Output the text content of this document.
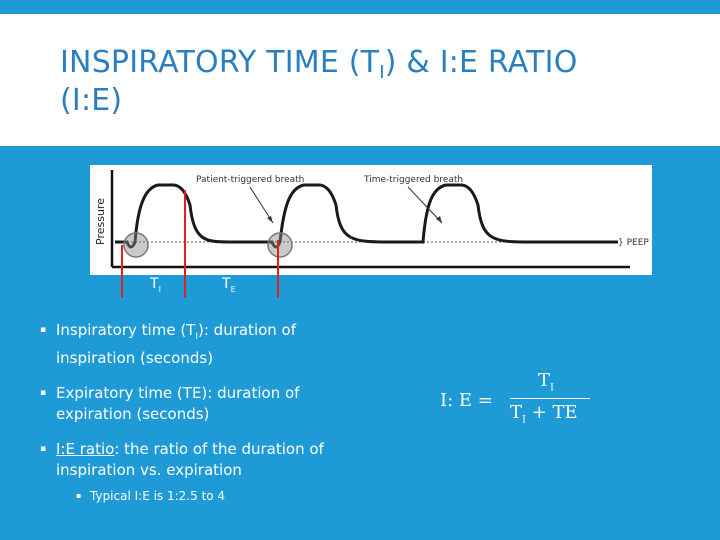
INSPIRATORY TIME $(T_I)$ & I:E RATIO
(I:E)
Pressure	} PEEP
Patient-triggered breath	Time-triggered breath
$T_I$	$T_E$
▪ Inspiratory time $(T_I)$: duration of inspiration (seconds)
▪ Expiratory time (TE): duration of expiration (seconds)
▪ I:E ratio: the ratio of the duration of inspiration vs. expiration
▪ Typical I:E is 1:2.5 to 4
I: E =
$T_I$
$T_I$ + TE
